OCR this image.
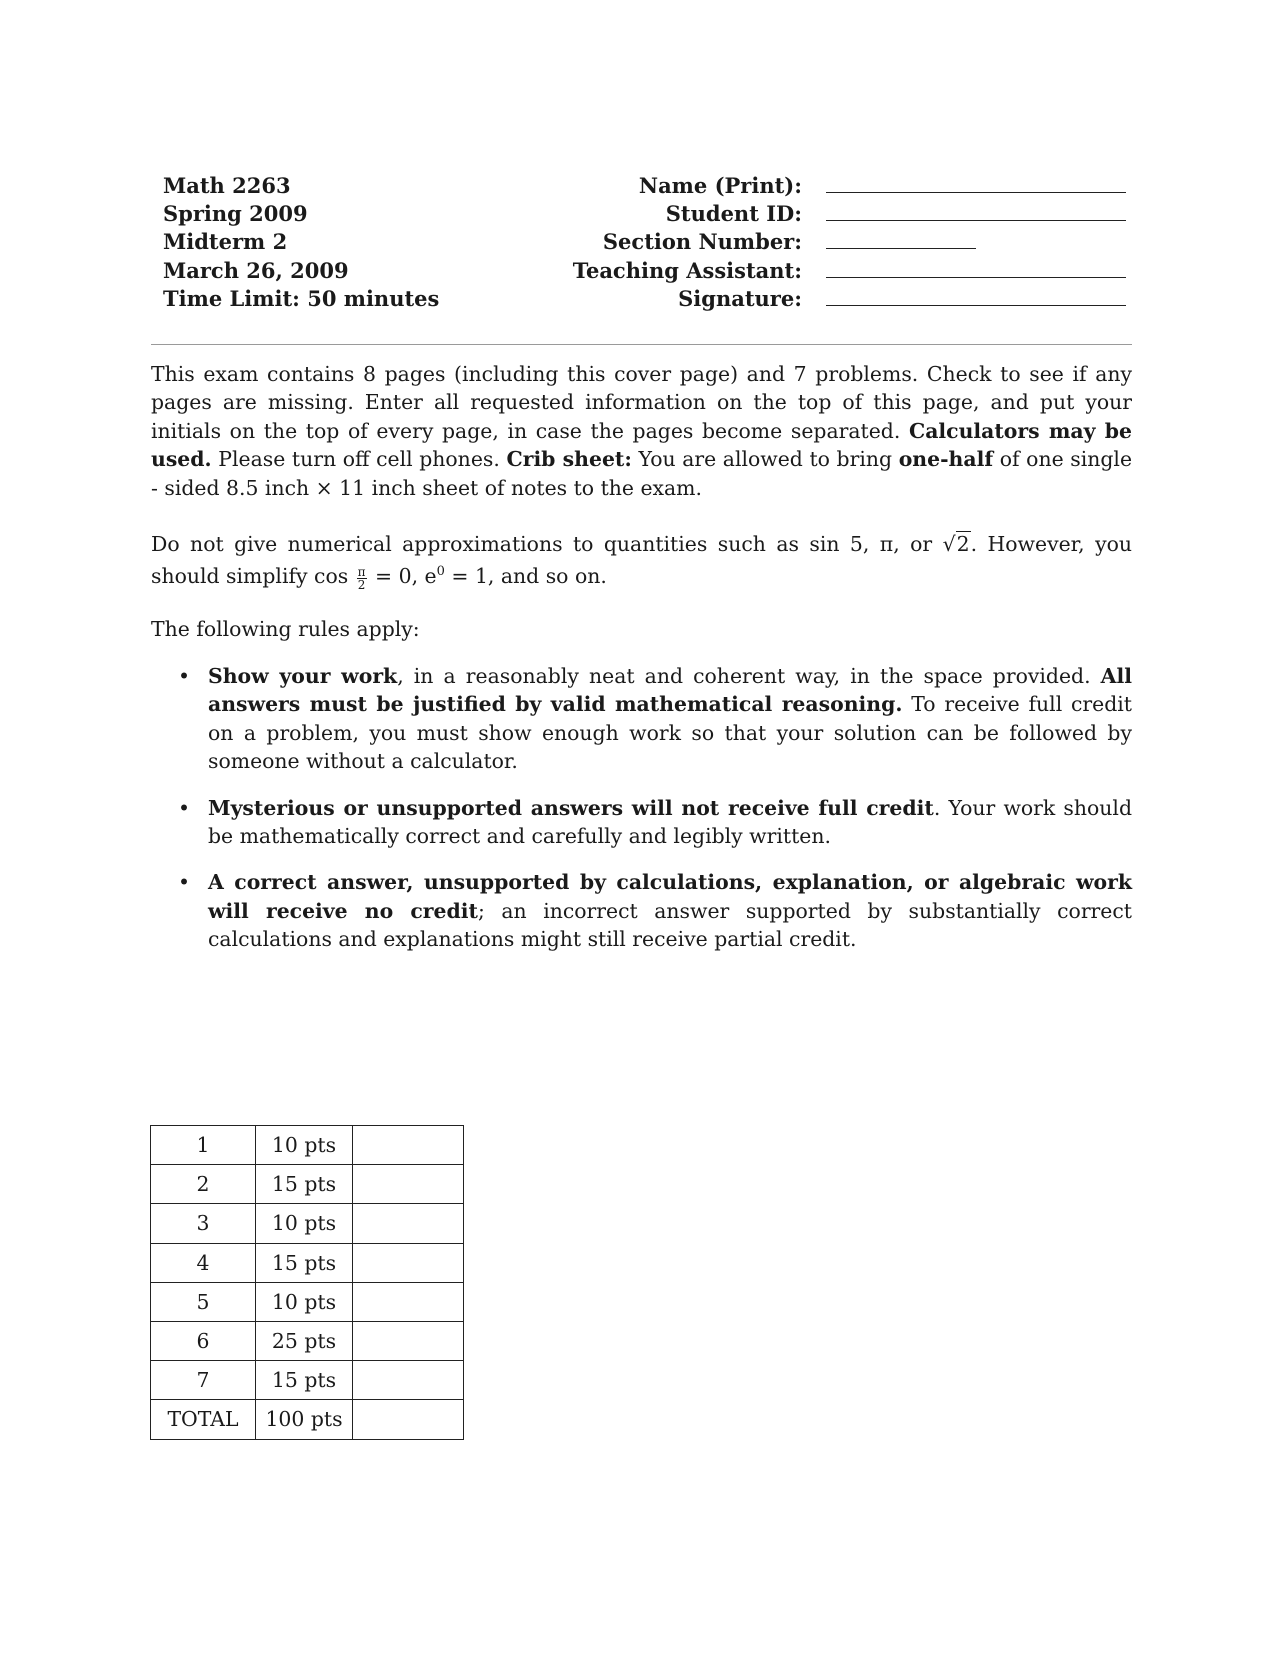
Math 2263
Spring 2009
Midterm 2
March 26, 2009
Time Limit: 50 minutes
Name (Print):
Student ID:
Section Number:
Teaching Assistant:
Signature:
This exam contains 8 pages (including this cover page) and 7 problems. Check to see if any pages are missing. Enter all requested information on the top of this page, and put your initials on the top of every page, in case the pages become separated. Calculators may be used. Please turn off cell phones. Crib sheet: You are allowed to bring one-half of one single - sided 8.5 inch × 11 inch sheet of notes to the exam.
Do not give numerical approximations to quantities such as sin 5, π, or √2. However, you should simplify $\cos \frac{\pi}{2} = 0$, $e^0 = 1$, and so on.
The following rules apply:
• Show your work, in a reasonably neat and coherent way, in the space provided. All answers must be justified by valid mathematical reasoning. To receive full credit on a problem, you must show enough work so that your solution can be followed by someone without a calculator.
• Mysterious or unsupported answers will not receive full credit. Your work should be mathematically correct and carefully and legibly written.
• A correct answer, unsupported by calculations, explanation, or algebraic work will receive no credit; an incorrect answer supported by substantially correct calculations and explanations might still receive partial credit.
1	10 pts	
2	15 pts	
3	10 pts	
4	15 pts	
5	10 pts	
6	25 pts	
7	15 pts	
TOTAL	100 pts	
